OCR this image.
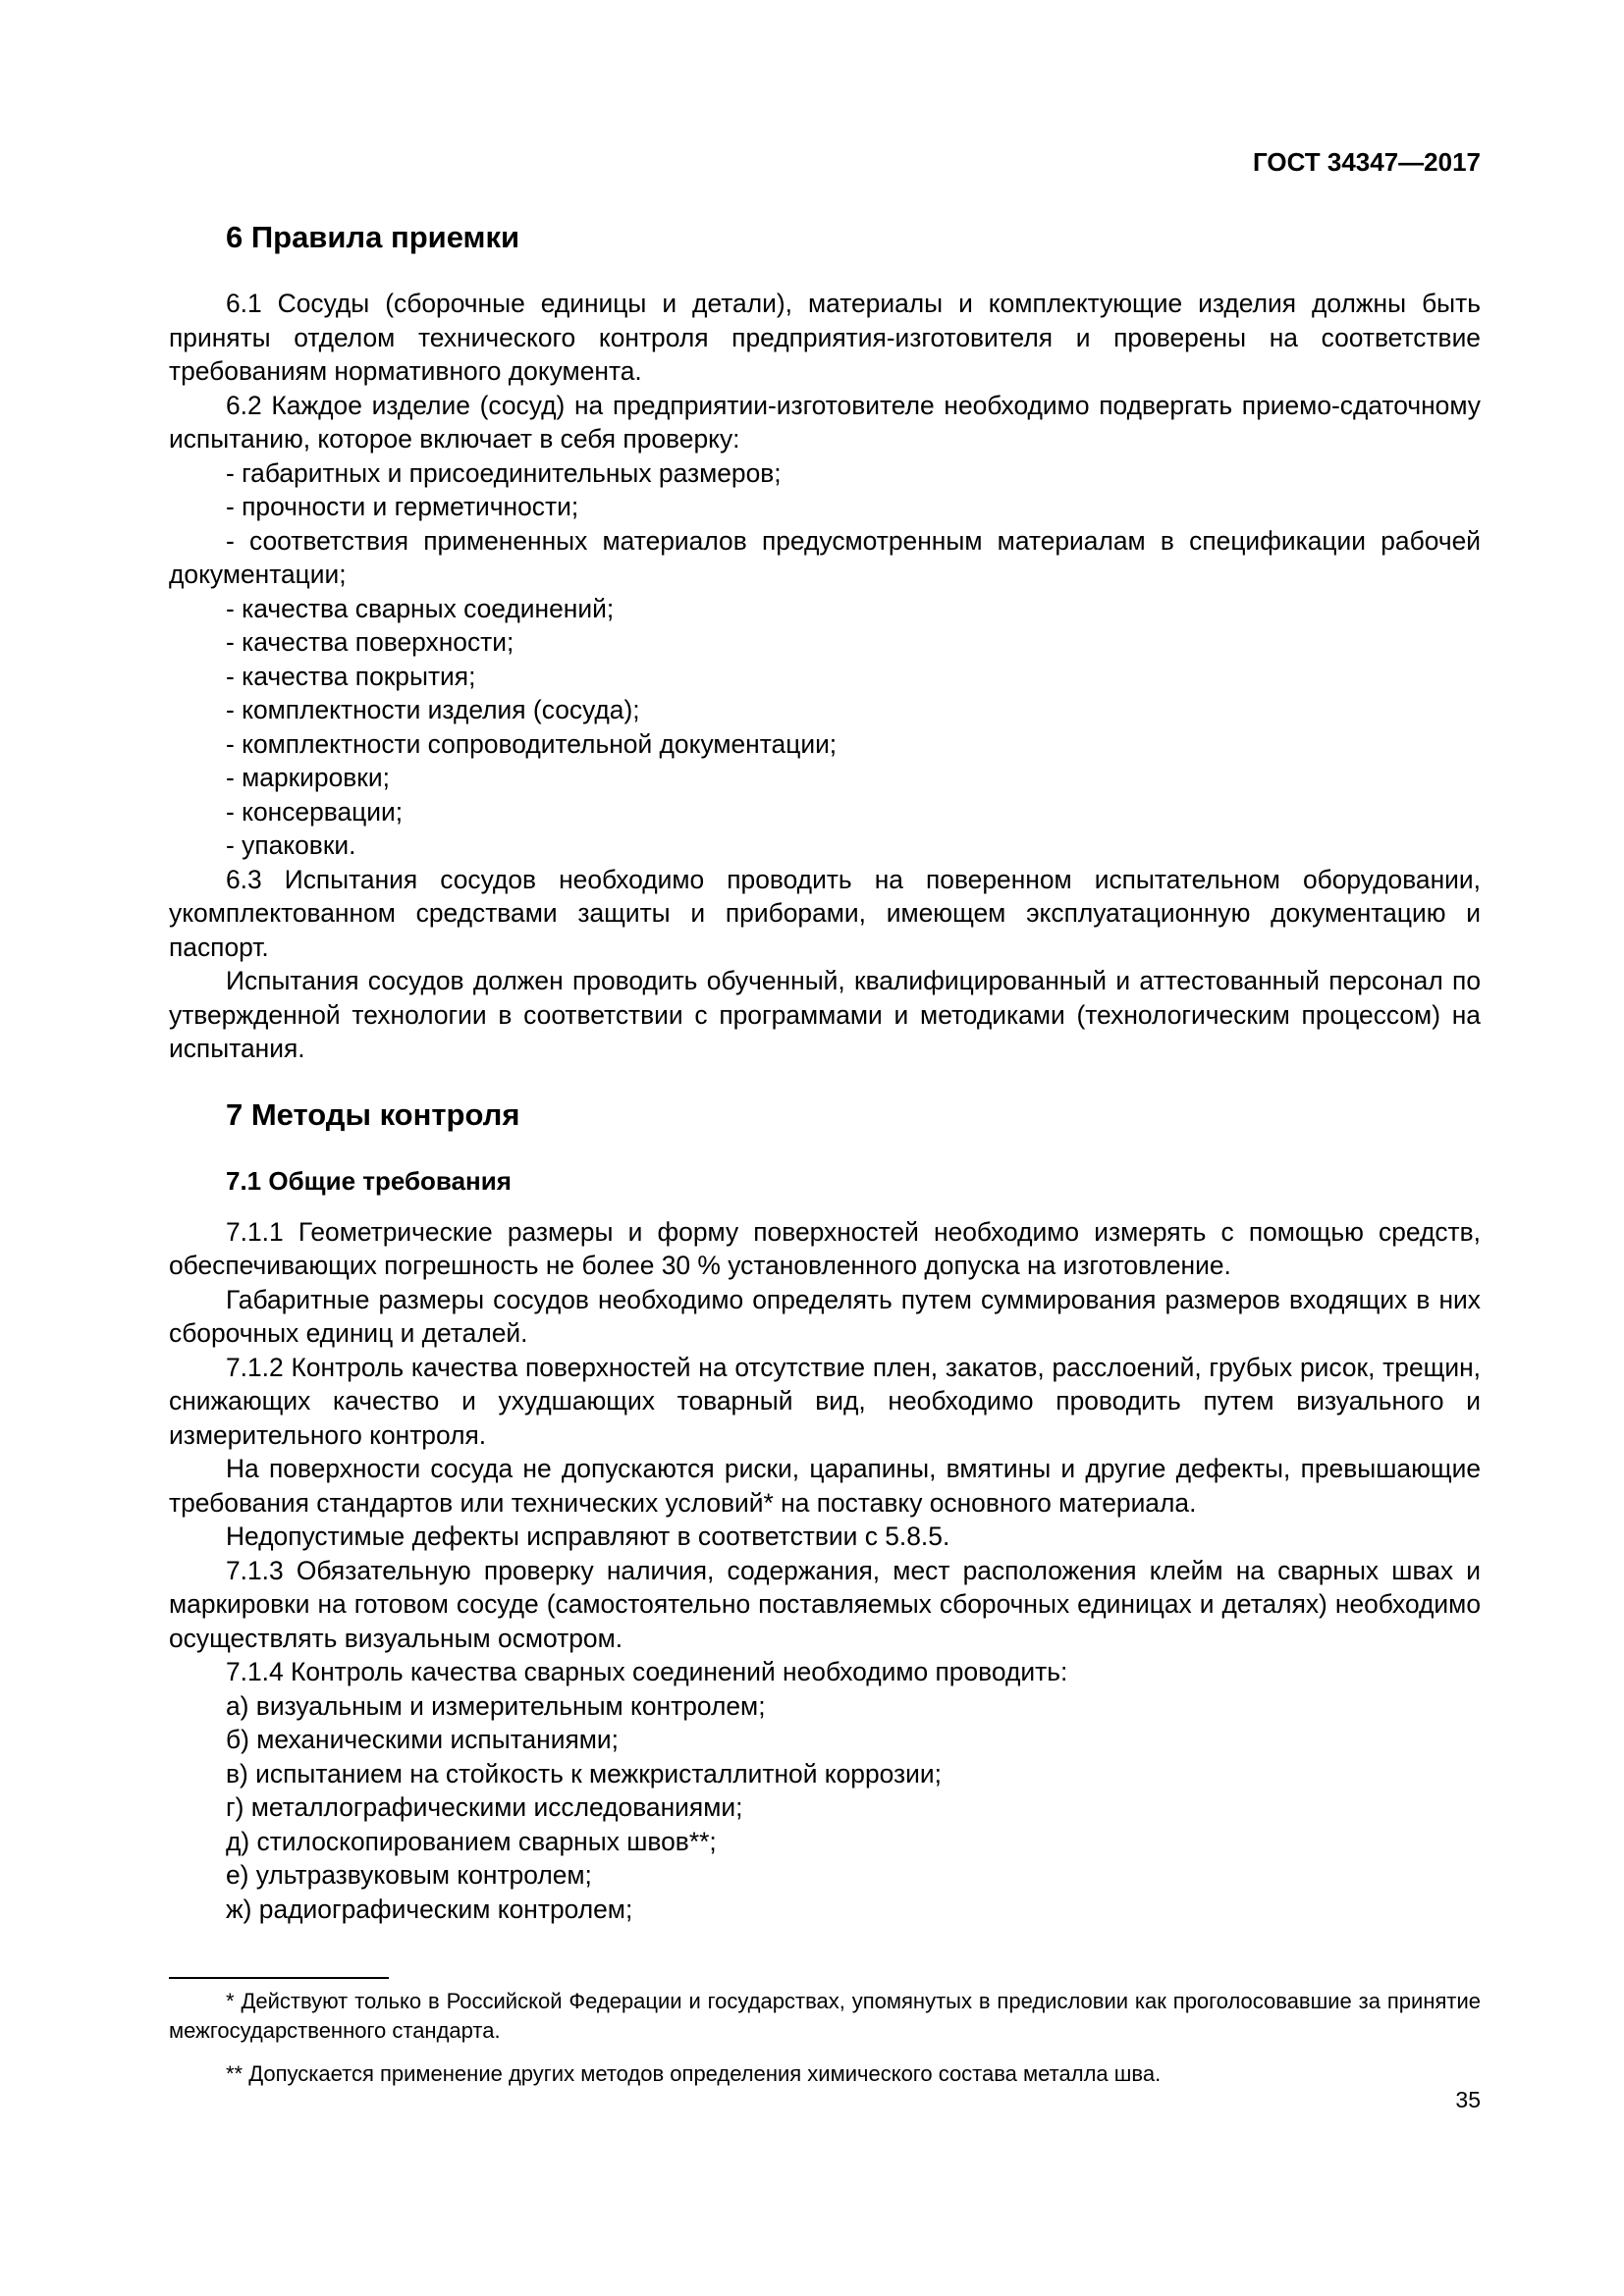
ГОСТ 34347—2017
6 Правила приемки

6.1 Сосуды (сборочные единицы и детали), материалы и комплектующие изделия должны быть приняты отделом технического контроля предприятия-изготовителя и проверены на соответствие требованиям нормативного документа.

6.2 Каждое изделие (сосуд) на предприятии-изготовителе необходимо подвергать приемо-сдаточному испытанию, которое включает в себя проверку:

- габаритных и присоединительных размеров;

- прочности и герметичности;

- соответствия примененных материалов предусмотренным материалам в спецификации рабочей документации;

- качества сварных соединений;

- качества поверхности;

- качества покрытия;

- комплектности изделия (сосуда);

- комплектности сопроводительной документации;

- маркировки;

- консервации;

- упаковки.

6.3 Испытания сосудов необходимо проводить на поверенном испытательном оборудовании, укомплектованном средствами защиты и приборами, имеющем эксплуатационную документацию и паспорт.

Испытания сосудов должен проводить обученный, квалифицированный и аттестованный персонал по утвержденной технологии в соответствии с программами и методиками (технологическим процессом) на испытания.

7 Методы контроля
7.1 Общие требования

7.1.1 Геометрические размеры и форму поверхностей необходимо измерять с помощью средств, обеспечивающих погрешность не более 30 % установленного допуска на изготовление.

Габаритные размеры сосудов необходимо определять путем суммирования размеров входящих в них сборочных единиц и деталей.

7.1.2 Контроль качества поверхностей на отсутствие плен, закатов, расслоений, грубых рисок, трещин, снижающих качество и ухудшающих товарный вид, необходимо проводить путем визуального и измерительного контроля.

На поверхности сосуда не допускаются риски, царапины, вмятины и другие дефекты, превышающие требования стандартов или технических условий* на поставку основного материала.

Недопустимые дефекты исправляют в соответствии с 5.8.5.

7.1.3 Обязательную проверку наличия, содержания, мест расположения клейм на сварных швах и маркировки на готовом сосуде (самостоятельно поставляемых сборочных единицах и деталях) необходимо осуществлять визуальным осмотром.

7.1.4 Контроль качества сварных соединений необходимо проводить:

а) визуальным и измерительным контролем;

б) механическими испытаниями;

в) испытанием на стойкость к межкристаллитной коррозии;

г) металлографическими исследованиями;

д) стилоскопированием сварных швов**;

е) ультразвуковым контролем;

ж) радиографическим контролем;

* Действуют только в Российской Федерации и государствах, упомянутых в предисловии как проголосовавшие за принятие межгосударственного стандарта.

** Допускается применение других методов определения химического состава металла шва.

35
